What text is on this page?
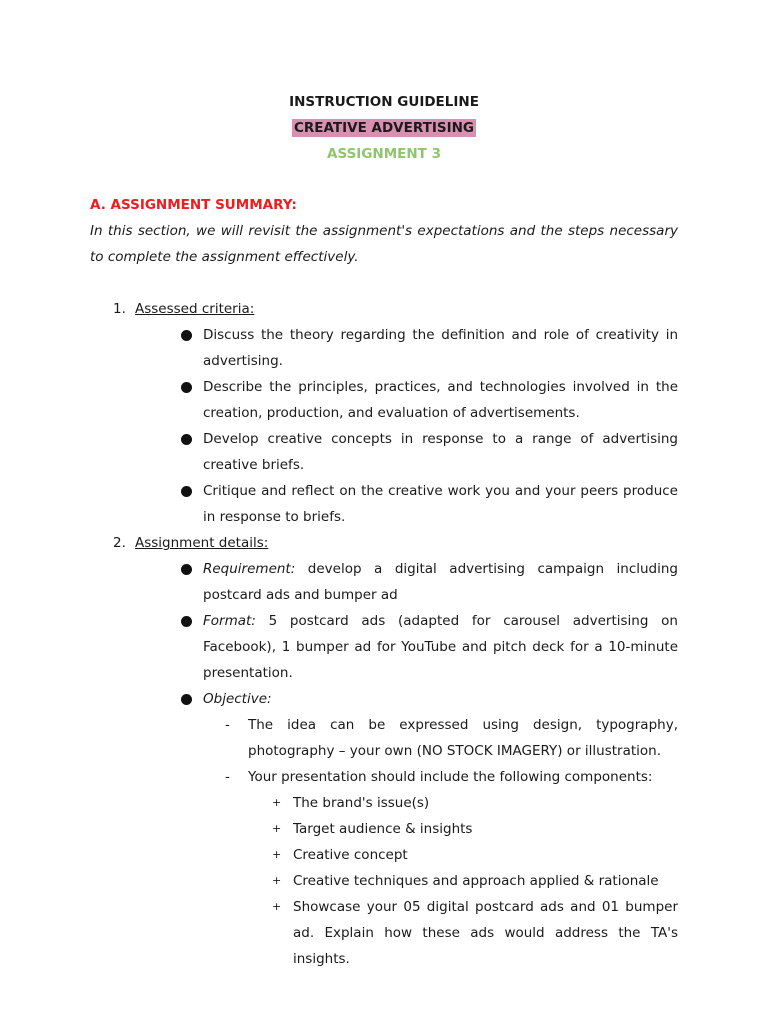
INSTRUCTION GUIDELINE
CREATIVE ADVERTISING
ASSIGNMENT 3
A. ASSIGNMENT SUMMARY:
In this section, we will revisit the assignment's expectations and the steps necessary to complete the assignment effectively.
1. Assessed criteria:
Discuss the theory regarding the definition and role of creativity in advertising.
Describe the principles, practices, and technologies involved in the creation, production, and evaluation of advertisements.
Develop creative concepts in response to a range of advertising creative briefs.
Critique and reflect on the creative work you and your peers produce in response to briefs.
2. Assignment details:
Requirement: develop a digital advertising campaign including postcard ads and bumper ad
Format: 5 postcard ads (adapted for carousel advertising on Facebook), 1 bumper ad for YouTube and pitch deck for a 10-minute presentation.
Objective:
- The idea can be expressed using design, typography, photography – your own (NO STOCK IMAGERY) or illustration.
- Your presentation should include the following components:
+ The brand's issue(s)
+ Target audience & insights
+ Creative concept
+ Creative techniques and approach applied & rationale
+ Showcase your 05 digital postcard ads and 01 bumper ad. Explain how these ads would address the TA's insights.
